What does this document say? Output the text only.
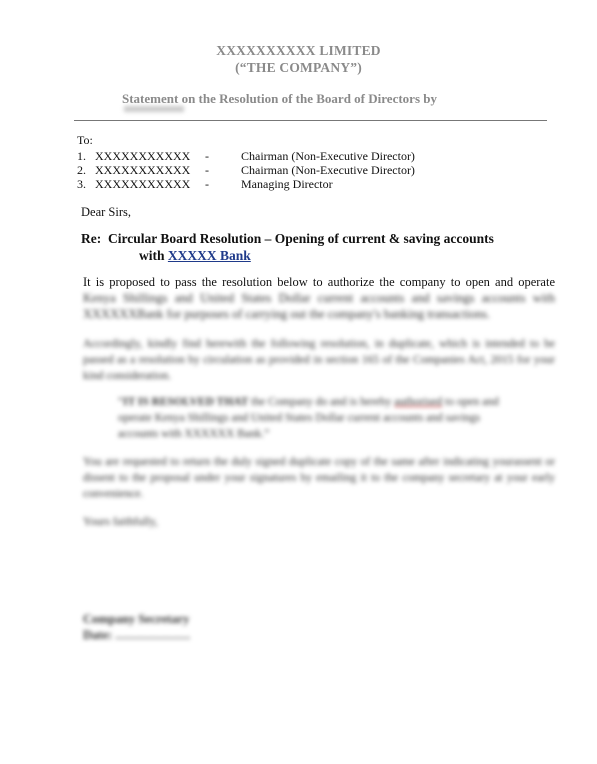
XXXXXXXXXX LIMITED
(“THE COMPANY”)
Statement on the Resolution of the Board of Directors by
To:
1. XXXXXXXXXXX -	Chairman (Non-Executive Director)
2. XXXXXXXXXXX -	Chairman (Non-Executive Director)
3. XXXXXXXXXXX -	Managing Director
Dear Sirs,
Re: Circular Board Resolution – Opening of current & saving accounts
with XXXXX Bank
It is proposed to pass the resolution below to authorize the company to open and operate Kenya Shillings and United States Dollar current accounts and savings accounts with XXXXXXBank for purposes of carrying out the company's banking transactions.
Accordingly, kindly find herewith the following resolution, in duplicate, which is intended to be passed as a resolution by circulation as provided in section 165 of the Companies Act, 2015 for your kind consideration.
“IT IS RESOLVED THAT the Company do and is hereby authorised to open and operate Kenya Shillings and United States Dollar current accounts and savings accounts with XXXXXX Bank.”
You are requested to return the duly signed duplicate copy of the same after indicating yourassent or dissent to the proposal under your signatures by emailing it to the company secretary at your early convenience.
Yours faithfully,
Company Secretary
Date: ………………
